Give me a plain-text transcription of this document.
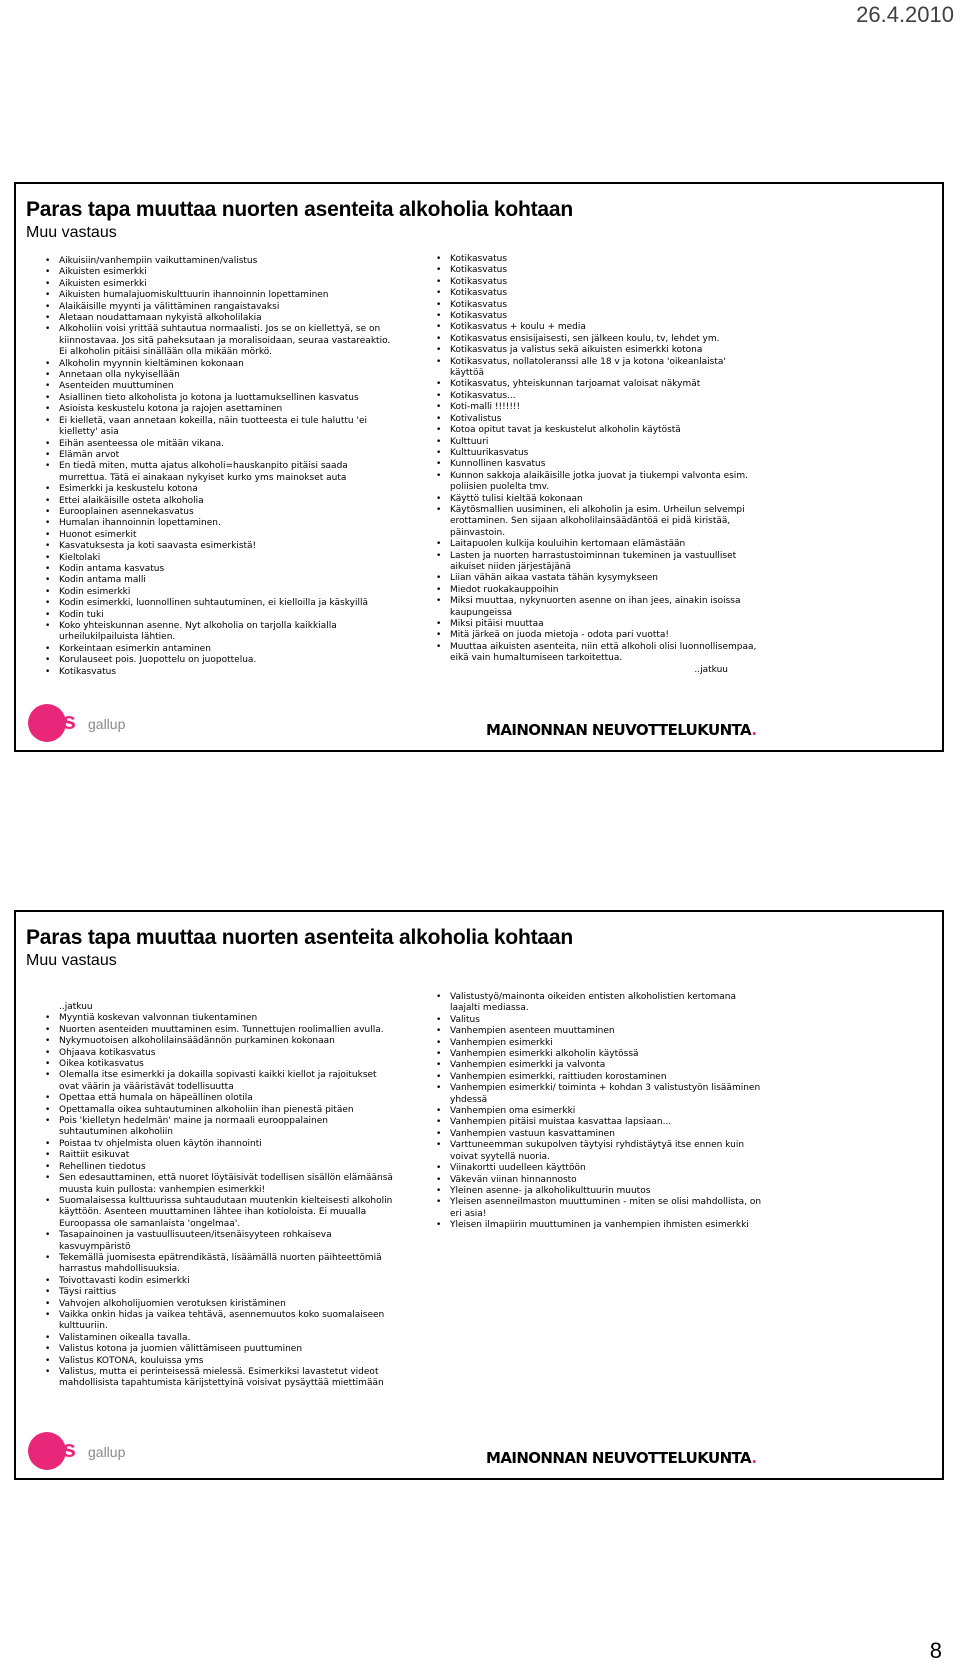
26.4.2010
Paras tapa muuttaa nuorten asenteita alkoholia kohtaan
Muu vastaus
• Aikuisiin/vanhempiin vaikuttaminen/valistus
• Aikuisten esimerkki
• Aikuisten esimerkki
• Aikuisten humalajuomiskulttuurin ihannoinnin lopettaminen
• Alaikäisille myynti ja välittäminen rangaistavaksi
• Aletaan noudattamaan nykyistä alkoholilakia
• Alkoholiin voisi yrittää suhtautua normaalisti. Jos se on kiellettyä, se on kiinnostavaa. Jos sitä paheksutaan ja moralisoidaan, seuraa vastareaktio. Ei alkoholin pitäisi sinällään olla mikään mörkö.
• Alkoholin myynnin kieltäminen kokonaan
• Annetaan olla nykyisellään
• Asenteiden muuttuminen
• Asiallinen tieto alkoholista jo kotona ja luottamuksellinen kasvatus
• Asioista keskustelu kotona ja rajojen asettaminen
• Ei kielletä, vaan annetaan kokeilla, näin tuotteesta ei tule haluttu 'ei kielletty' asia
• Eihän asenteessa ole mitään vikana.
• Elämän arvot
• En tiedä miten, mutta ajatus alkoholi=hauskanpito pitäisi saada murrettua. Tätä ei ainakaan nykyiset kurko yms mainokset auta
• Esimerkki ja keskustelu kotona
• Ettei alaikäisille osteta alkoholia
• Eurooplainen asennekasvatus
• Humalan ihannoinnin lopettaminen.
• Huonot esimerkit
• Kasvatuksesta ja koti saavasta esimerkistä!
• Kieltolaki
• Kodin antama kasvatus
• Kodin antama malli
• Kodin esimerkki
• Kodin esimerkki, luonnollinen suhtautuminen, ei kielloilla ja käskyillä
• Kodin tuki
• Koko yhteiskunnan asenne. Nyt alkoholia on tarjolla kaikkialla urheilukilpailuista lähtien.
• Korkeintaan esimerkin antaminen
• Korulauseet pois. Juopottelu on juopottelua.
• Kotikasvatus
• Kotikasvatus
• Kotikasvatus
• Kotikasvatus
• Kotikasvatus
• Kotikasvatus
• Kotikasvatus
• Kotikasvatus + koulu + media
• Kotikasvatus ensisijaisesti, sen jälkeen koulu, tv, lehdet ym.
• Kotikasvatus ja valistus sekä aikuisten esimerkki kotona
• Kotikasvatus, nollatoleranssi alle 18 v ja kotona 'oikeanlaista' käyttöä
• Kotikasvatus, yhteiskunnan tarjoamat valoisat näkymät
• Kotikasvatus...
• Koti-malli !!!!!!!
• Kotivalistus
• Kotoa opitut tavat ja keskustelut alkoholin käytöstä
• Kulttuuri
• Kulttuurikasvatus
• Kunnollinen kasvatus
• Kunnon sakkoja alaikäisille jotka juovat ja tiukempi valvonta esim. poliisien puolelta tmv.
• Käyttö tulisi kieltää kokonaan
• Käytösmallien uusiminen, eli alkoholin ja esim. Urheilun selvempi erottaminen. Sen sijaan alkoholilainsäädäntöä ei pidä kiristää, päinvastoin.
• Laitapuolen kulkija kouluihin kertomaan elämästään
• Lasten ja nuorten harrastustoiminnan tukeminen ja vastuulliset aikuiset niiden järjestäjänä
• Liian vähän aikaa vastata tähän kysymykseen
• Miedot ruokakauppoihin
• Miksi muuttaa, nykynuorten asenne on ihan jees, ainakin isoissa kaupungeissa
• Miksi pitäisi muuttaa
• Mitä järkeä on juoda mietoja - odota pari vuotta!
• Muuttaa aikuisten asenteita, niin että alkoholi olisi luonnollisempaa, eikä vain humaltumiseen tarkoitettua.
..jatkuu
tns gallup	MAINONNAN NEUVOTTELUKUNTA.
Paras tapa muuttaa nuorten asenteita alkoholia kohtaan
Muu vastaus
..jatkuu
• Myyntiä koskevan valvonnan tiukentaminen
• Nuorten asenteiden muuttaminen esim. Tunnettujen roolimallien avulla.
• Nykymuotoisen alkoholilainsäädännön purkaminen kokonaan
• Ohjaava kotikasvatus
• Oikea kotikasvatus
• Olemalla itse esimerkki ja dokailla sopivasti kaikki kiellot ja rajoitukset ovat väärin ja vääristävät todellisuutta
• Opettaa että humala on häpeällinen olotila
• Opettamalla oikea suhtautuminen alkoholiin ihan pienestä pitäen
• Pois 'kielletyn hedelmän' maine ja normaali eurooppalainen suhtautuminen alkoholiin
• Poistaa tv ohjelmista oluen käytön ihannointi
• Raittiit esikuvat
• Rehellinen tiedotus
• Sen edesauttaminen, että nuoret löytäisivät todellisen sisällön elämäänsä muusta kuin pullosta: vanhempien esimerkki!
• Suomalaisessa kulttuurissa suhtaudutaan muutenkin kielteisesti alkoholin käyttöön. Asenteen muuttaminen lähtee ihan kotioloista. Ei muualla Euroopassa ole samanlaista 'ongelmaa'.
• Tasapainoinen ja vastuullisuuteen/itsenäisyyteen rohkaiseva kasvuympäristö
• Tekemällä juomisesta epätrendikästä, lisäämällä nuorten päihteettömiä harrastus mahdollisuuksia.
• Toivottavasti kodin esimerkki
• Täysi raittius
• Vahvojen alkoholijuomien verotuksen kiristäminen
• Vaikka onkin hidas ja vaikea tehtävä, asennemuutos koko suomalaiseen kulttuuriin.
• Valistaminen oikealla tavalla.
• Valistus kotona ja juomien välittämiseen puuttuminen
• Valistus KOTONA, kouluissa yms
• Valistus, mutta ei perinteisessä mielessä. Esimerkiksi lavastetut videot mahdollisista tapahtumista kärijstettyinä voisivat pysäyttää miettimään
• Valistustyö/mainonta oikeiden entisten alkoholistien kertomana laajalti mediassa.
• Valitus
• Vanhempien asenteen muuttaminen
• Vanhempien esimerkki
• Vanhempien esimerkki alkoholin käytössä
• Vanhempien esimerkki ja valvonta
• Vanhempien esimerkki, raittiuden korostaminen
• Vanhempien esimerkki/ toiminta + kohdan 3 valistustyön lisääminen yhdessä
• Vanhempien oma esimerkki
• Vanhempien pitäisi muistaa kasvattaa lapsiaan...
• Vanhempien vastuun kasvattaminen
• Varttuneemman sukupolven täytyisi ryhdistäytyä itse ennen kuin voivat syytellä nuoria.
• Viinakortti uudelleen käyttöön
• Väkevän viinan hinnannosto
• Yleinen asenne- ja alkoholikulttuurin muutos
• Yleisen asenneilmaston muuttuminen - miten se olisi mahdollista, on eri asia!
• Yleisen ilmapiirin muuttuminen ja vanhempien ihmisten esimerkki
tns gallup	MAINONNAN NEUVOTTELUKUNTA.
8
